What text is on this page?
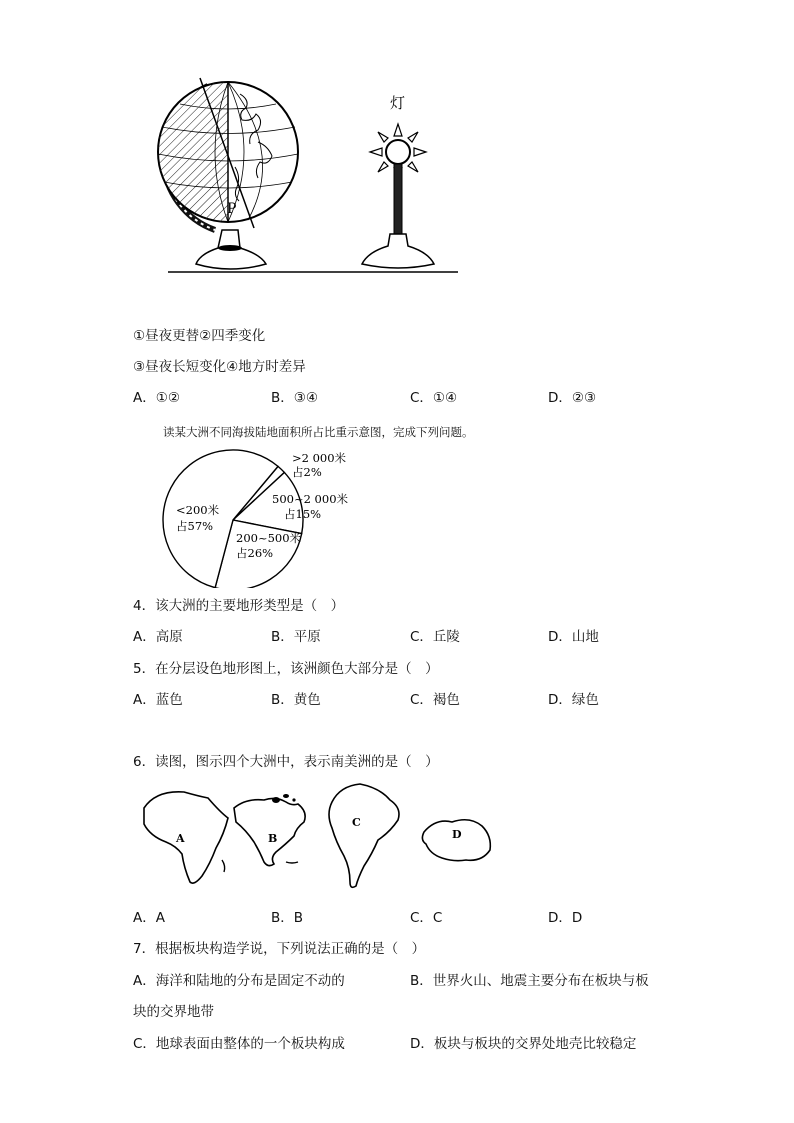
P
灯
①昼夜更替②四季变化
③昼夜长短变化④地方时差异
A．①②	B．③④	C．①④	D．②③
读某大洲不同海拔陆地面积所占比重示意图，完成下列问题。
>2 000米
占2%
500~2 000米
占15%
200~500米
占26%
<200米
占57%
4．该大洲的主要地形类型是（　）
A．高原	B．平原	C．丘陵	D．山地
5．在分层设色地形图上，该洲颜色大部分是（　）
A．蓝色	B．黄色	C．褐色	D．绿色
6．读图，图示四个大洲中，表示南美洲的是（　）
A	B
C
D
A．A	B．B	C．C	D．D
7．根据板块构造学说，下列说法正确的是（　）
A．海洋和陆地的分布是固定不动的	B．世界火山、地震主要分布在板块与板
块的交界地带
C．地球表面由整体的一个板块构成	D．板块与板块的交界处地壳比较稳定
